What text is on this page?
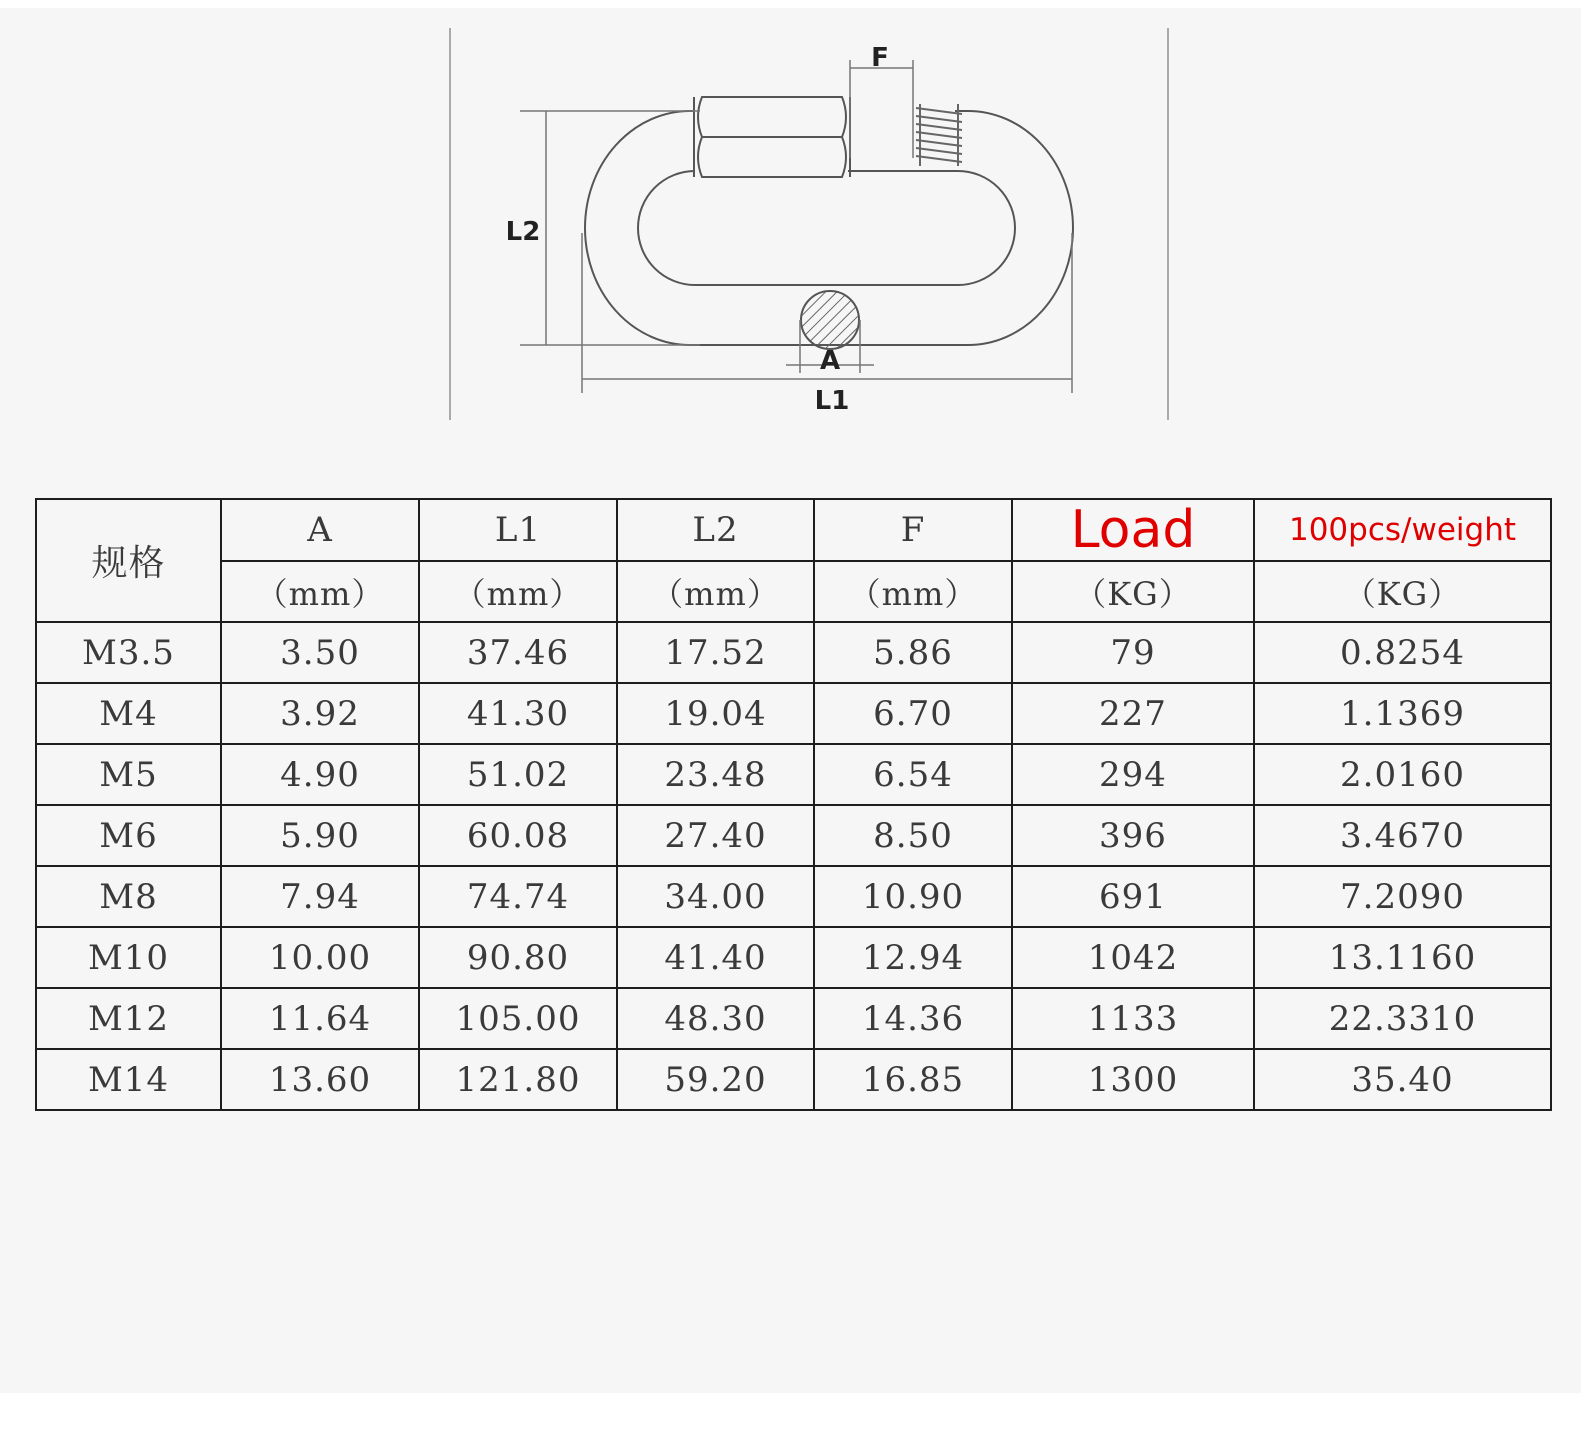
F
L2
A
L1
规格	A	L1	L2	F	Load	100pcs/weight
	（mm）	（mm）	（mm）	（mm）	（KG）	（KG）
M3.5	3.50	37.46	17.52	5.86	79	0.8254
M4	3.92	41.30	19.04	6.70	227	1.1369
M5	4.90	51.02	23.48	6.54	294	2.0160
M6	5.90	60.08	27.40	8.50	396	3.4670
M8	7.94	74.74	34.00	10.90	691	7.2090
M10	10.00	90.80	41.40	12.94	1042	13.1160
M12	11.64	105.00	48.30	14.36	1133	22.3310
M14	13.60	121.80	59.20	16.85	1300	35.40
